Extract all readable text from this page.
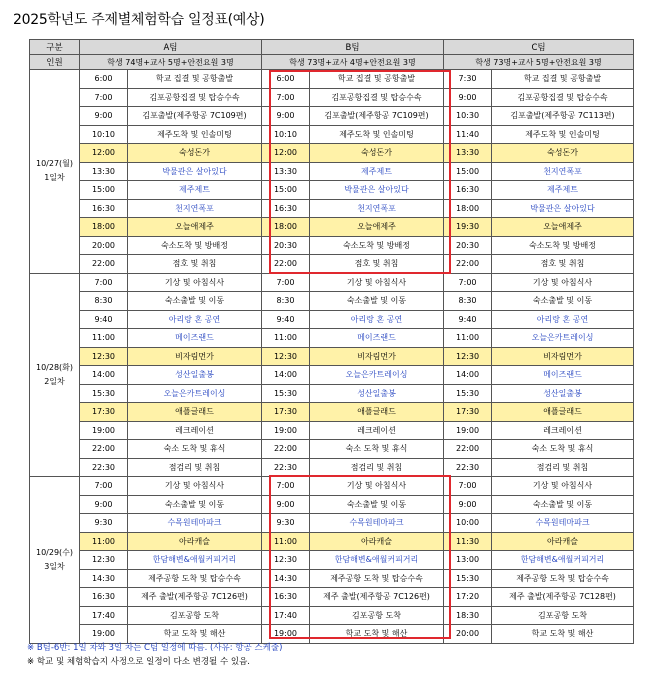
2025학년도 주제별체험학습 일정표(예상)
구분	A팀		B팀		C팀	
인원	학생 74명+교사 5명+안전요원 3명		학생 73명+교사 4명+안전요원 3명		학생 73명+교사 5명+안전요원 3명	

10/27(월)
1일차	6:00	학교 집결 및 공항출발	6:00	학교 집결 및 공항출발	7:30	학교 집결 및 공항출발
	7:00	김포공항집결 및 탑승수속	7:00	김포공항집결 및 탑승수속	9:00	김포공항집결 및 탑승수속
	9:00	김포출발(제주항공 7C109편)	9:00	김포출발(제주항공 7C109편)	10:30	김포출발(제주항공 7C113편)
	10:10	제주도착 및 인솔미팅	10:10	제주도착 및 인솔미팅	11:40	제주도착 및 인솔미팅
	12:00	숙성돈가	12:00	숙성돈가	13:30	숙성돈가
	13:30	박물관은 살아있다	13:30	제주제트	15:00	천지연폭포
	15:00	제주제트	15:00	박물관은 살아있다	16:30	제주제트
	16:30	천지연폭포	16:30	천지연폭포	18:00	박물관은 살아있다
	18:00	오늘애제주	18:00	오늘애제주	19:30	오늘애제주
	20:00	숙소도착 및 방배정	20:30	숙소도착 및 방배정	20:30	숙소도착 및 방배정
	22:00	점호 및 취침	22:00	점호 및 취침	22:00	점호 및 취침

10/28(화)
2일차	7:00	기상 및 아침식사	7:00	기상 및 아침식사	7:00	기상 및 아침식사
	8:30	숙소출발 및 이동	8:30	숙소출발 및 이동	8:30	숙소출발 및 이동
	9:40	아리랑 혼 공연	9:40	아리랑 혼 공연	9:40	아리랑 혼 공연
	11:00	메이즈랜드	11:00	메이즈랜드	11:00	오늘은카트레이싱
	12:30	비자림먼가	12:30	비자림먼가	12:30	비자림먼가
	14:00	성산일출봉	14:00	오늘은카트레이싱	14:00	메이즈랜드
	15:30	오늘은카트레이싱	15:30	성산일출봉	15:30	성산일출봉
	17:30	애플글래드	17:30	애플글래드	17:30	애플글래드
	19:00	레크레이션	19:00	레크레이션	19:00	레크레이션
	22:00	숙소 도착 및 휴식	22:00	숙소 도착 및 휴식	22:00	숙소 도착 및 휴식
	22:30	점검리 및 취침	22:30	점검리 및 취침	22:30	점검리 및 취침

10/29(수)
3일차	7:00	기상 및 아침식사	7:00	기상 및 아침식사	7:00	기상 및 아침식사
	9:00	숙소출발 및 이동	9:00	숙소출발 및 이동	9:00	숙소출발 및 이동
	9:30	수목원테마파크	9:30	수목원테마파크	10:00	수목원테마파크
	11:00	아라캐슬	11:00	아라캐슬	11:30	아라캐슬
	12:30	한담해변&애월커피거리	12:30	한담해변&애월커피거리	13:00	한담해변&애월커피거리
	14:30	제주공항 도착 및 탑승수속	14:30	제주공항 도착 및 탑승수속	15:30	제주공항 도착 및 탑승수속
	16:30	제주 출발(제주항공 7C126편)	16:30	제주 출발(제주항공 7C126편)	17:20	제주 출발(제주항공 7C128편)
	17:40	김포공항 도착	17:40	김포공항 도착	18:30	김포공항 도착
	19:00	학교 도착 및 해산	19:00	학교 도착 및 해산	20:00	학교 도착 및 해산
※ B팀-6반: 1일 차와 3일 차는 C팀 일정에 따름. (사유: 항공 스케줄)
※ 학교 및 체험학습지 사정으로 일정이 다소 변경될 수 있음.
